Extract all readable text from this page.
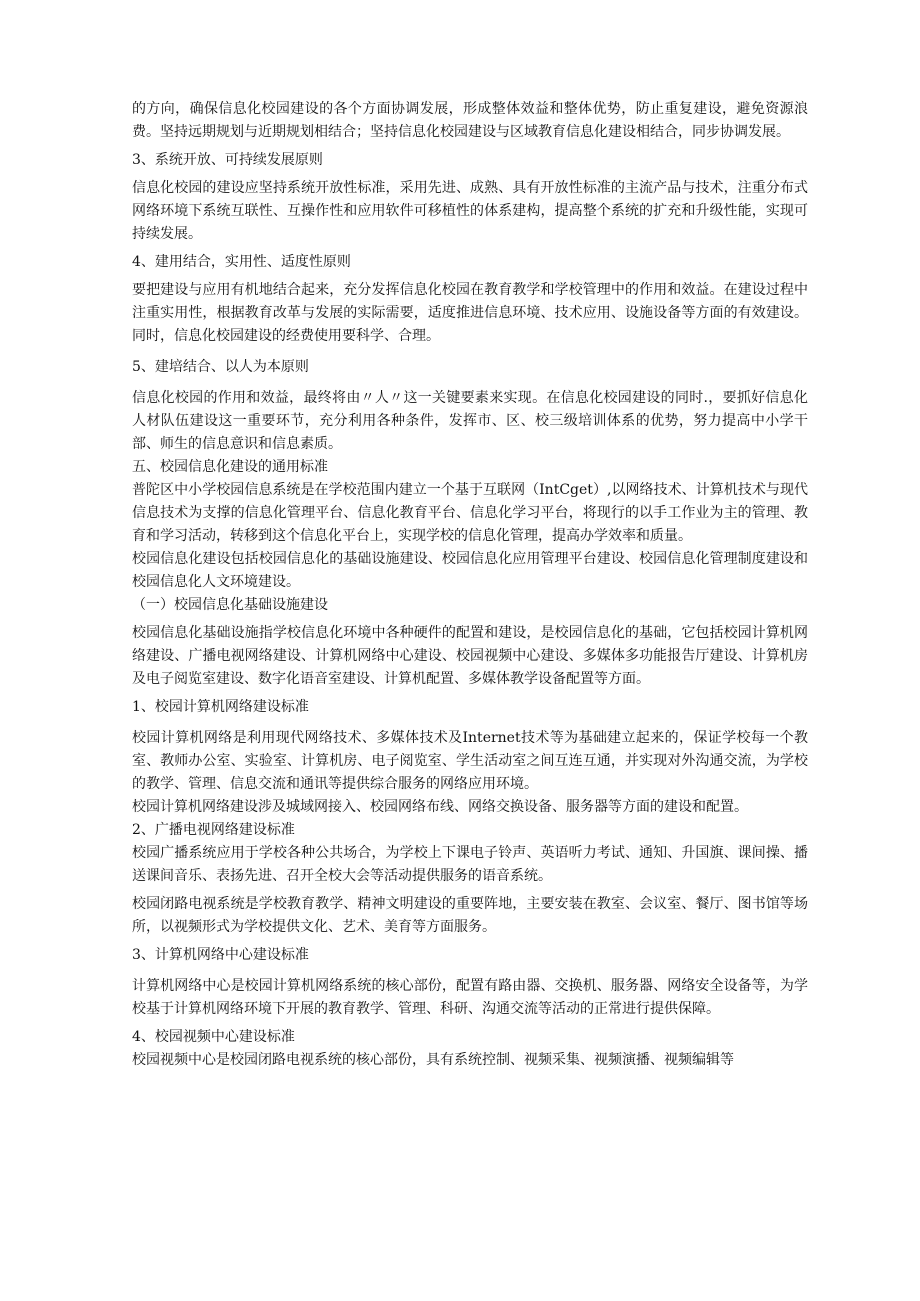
的方向，确保信息化校园建设的各个方面协调发展，形成整体效益和整体优势，防止重复建设，避免资源浪费。坚持远期规划与近期规划相结合；坚持信息化校园建设与区域教育信息化建设相结合，同步协调发展。

3、系统开放、可持续发展原则

信息化校园的建设应坚持系统开放性标准，采用先进、成熟、具有开放性标准的主流产品与技术，注重分布式网络环境下系统互联性、互操作性和应用软件可移植性的体系建构，提高整个系统的扩充和升级性能，实现可持续发展。

4、建用结合，实用性、适度性原则

要把建设与应用有机地结合起来，充分发挥信息化校园在教育教学和学校管理中的作用和效益。在建设过程中注重实用性，根据教育改革与发展的实际需要，适度推进信息环境、技术应用、设施设备等方面的有效建设。同时，信息化校园建设的经费使用要科学、合理。

5、建培结合、以人为本原则

信息化校园的作用和效益，最终将由〃人〃这一关键要素来实现。在信息化校园建设的同时.，要抓好信息化人材队伍建设这一重要环节，充分利用各种条件，发挥市、区、校三级培训体系的优势，努力提高中小学干部、师生的信息意识和信息素质。

五、校园信息化建设的通用标准

普陀区中小学校园信息系统是在学校范围内建立一个基于互联网（IntCget）,以网络技术、计算机技术与现代信息技术为支撑的信息化管理平台、信息化教育平台、信息化学习平台，将现行的以手工作业为主的管理、教育和学习活动，转移到这个信息化平台上，实现学校的信息化管理，提高办学效率和质量。

校园信息化建设包括校园信息化的基础设施建设、校园信息化应用管理平台建设、校园信息化管理制度建设和校园信息化人文环境建设。

（一）校园信息化基础设施建设

校园信息化基础设施指学校信息化环境中各种硬件的配置和建设，是校园信息化的基础，它包括校园计算机网络建设、广播电视网络建设、计算机网络中心建设、校园视频中心建设、多媒体多功能报告厅建设、计算机房及电子阅览室建设、数字化语音室建设、计算机配置、多媒体教学设备配置等方面。

1、校园计算机网络建设标准

校园计算机网络是利用现代网络技术、多媒体技术及Internet技术等为基础建立起来的，保证学校每一个教室、教师办公室、实验室、计算机房、电子阅览室、学生活动室之间互连互通，并实现对外沟通交流，为学校的教学、管理、信息交流和通讯等提供综合服务的网络应用环境。

校园计算机网络建设涉及城域网接入、校园网络布线、网络交换设备、服务器等方面的建设和配置。

2、广播电视网络建设标准

校园广播系统应用于学校各种公共场合，为学校上下课电子铃声、英语听力考试、通知、升国旗、课间操、播送课间音乐、表扬先进、召开全校大会等活动提供服务的语音系统。

校园闭路电视系统是学校教育教学、精神文明建设的重要阵地，主要安装在教室、会议室、餐厅、图书馆等场所，以视频形式为学校提供文化、艺术、美育等方面服务。

3、计算机网络中心建设标准

计算机网络中心是校园计算机网络系统的核心部份，配置有路由器、交换机、服务器、网络安全设备等，为学校基于计算机网络环境下开展的教育教学、管理、科研、沟通交流等活动的正常进行提供保障。

4、校园视频中心建设标准

校园视频中心是校园闭路电视系统的核心部份，具有系统控制、视频采集、视频演播、视频编辑等
